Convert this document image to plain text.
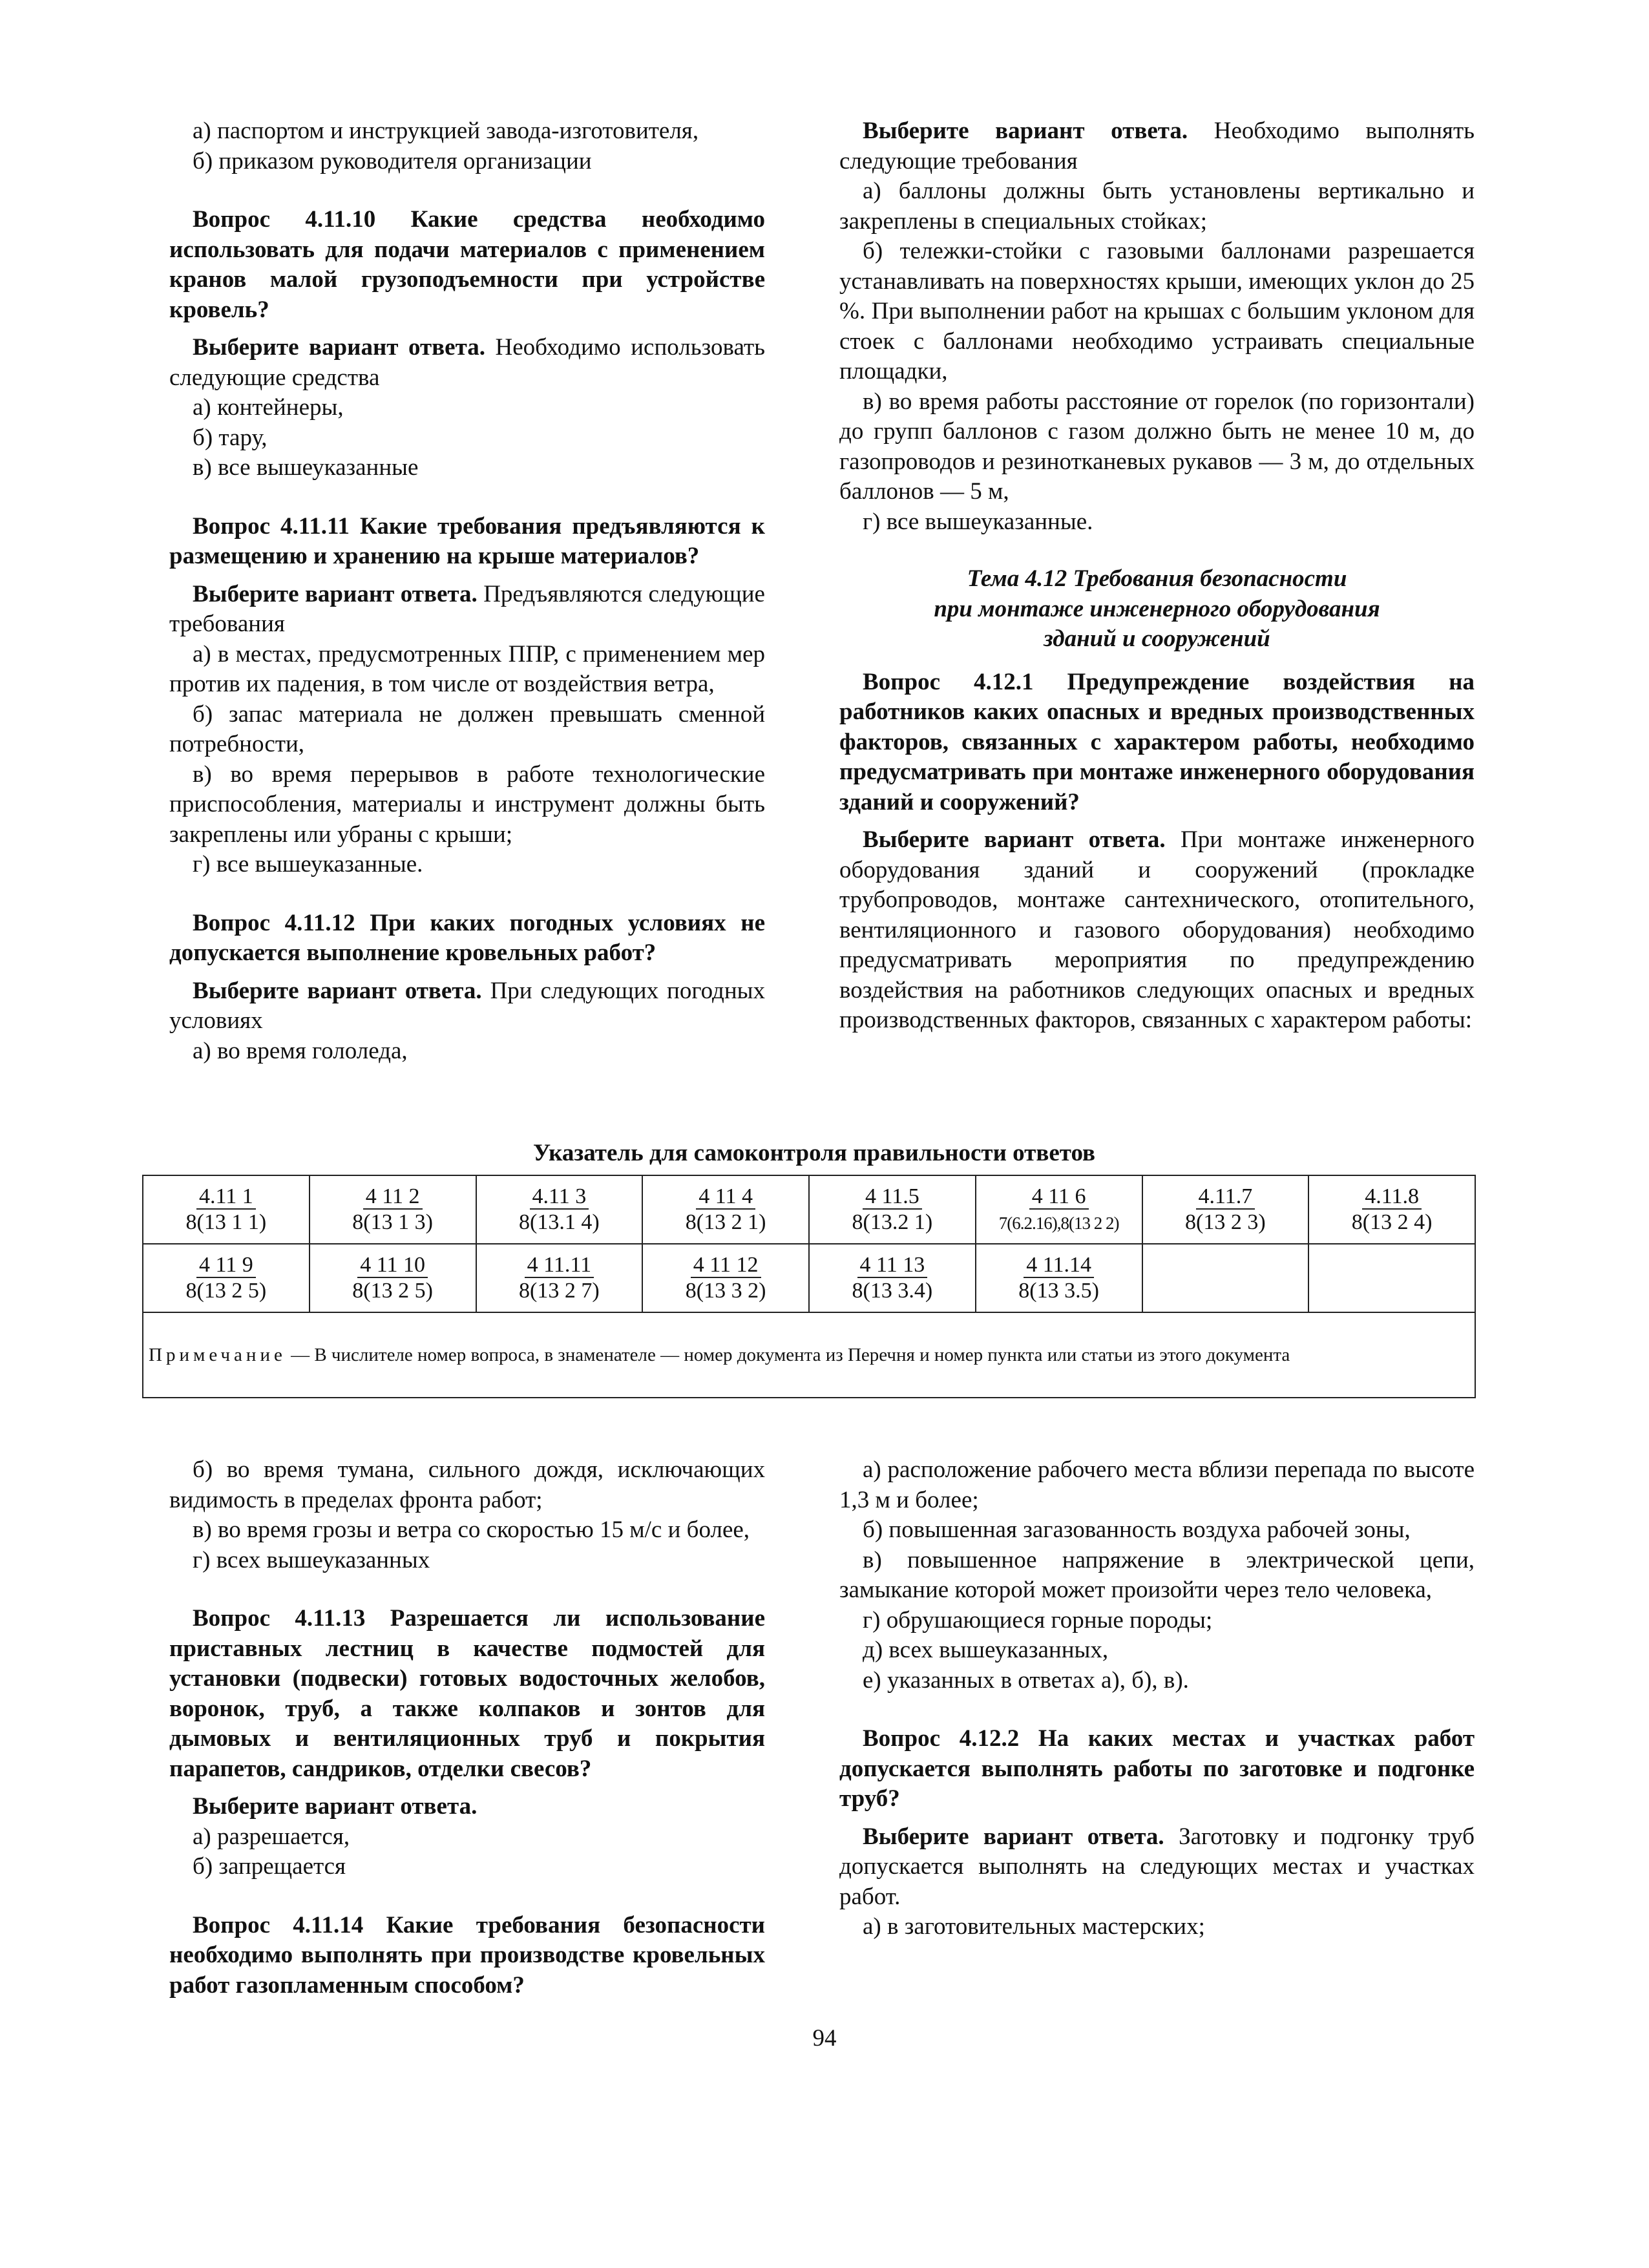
а) паспортом и инструкцией завода-изготовителя,

б) приказом руководителя организации

Вопрос 4.11.10 Какие средства необходимо использовать для подачи материалов с применением кранов малой грузоподъемности при устройстве кровель?

Выберите вариант ответа. Необходимо использовать следующие средства

а) контейнеры,

б) тару,

в) все вышеуказанные

Вопрос 4.11.11 Какие требования предъявляются к размещению и хранению на крыше материалов?

Выберите вариант ответа. Предъявляются следующие требования

а) в местах, предусмотренных ППР, с применением мер против их падения, в том числе от воздействия ветра,

б) запас материала не должен превышать сменной потребности,

в) во время перерывов в работе технологические приспособления, материалы и инструмент должны быть закреплены или убраны с крыши;

г) все вышеуказанные.

Вопрос 4.11.12 При каких погодных условиях не допускается выполнение кровельных работ?

Выберите вариант ответа. При следующих погодных условиях

а) во время гололеда,

Выберите вариант ответа. Необходимо выполнять следующие требования

а) баллоны должны быть установлены вертикально и закреплены в специальных стойках;

б) тележки-стойки с газовыми баллонами разрешается устанавливать на поверхностях крыши, имеющих уклон до 25 %. При выполнении работ на крышах с большим уклоном для стоек с баллонами необходимо устраивать специальные площадки,

в) во время работы расстояние от горелок (по горизонтали) до групп баллонов с газом должно быть не менее 10 м, до газопроводов и резинотканевых рукавов — 3 м, до отдельных баллонов — 5 м,

г) все вышеуказанные.

Тема 4.12 Требования безопасности
при монтаже инженерного оборудования
зданий и сооружений

Вопрос 4.12.1 Предупреждение воздействия на работников каких опасных и вредных производственных факторов, связанных с характером работы, необходимо предусматривать при монтаже инженерного оборудования зданий и сооружений?

Выберите вариант ответа. При монтаже инженерного оборудования зданий и сооружений (прокладке трубопроводов, монтаже сантехнического, отопительного, вентиляционного и газового оборудования) необходимо предусматривать мероприятия по предупреждению воздействия на работников следующих опасных и вредных производственных факторов, связанных с характером работы:

Указатель для самоконтроля правильности ответов
$\frac{4.11 1}{8(13 1 1)}$	$\frac{4 11 2}{8(13 1 3)}$	$\frac{4.11 3}{8(13.1 4)}$	$\frac{4 11 4}{8(13 2 1)}$	$\frac{4 11.5}{8(13.2 1)}$	$\frac{4 11 6}{7(6.2.16),8(13 2 2)}$	$\frac{4.11.7}{8(13 2 3)}$	$\frac{4.11.8}{8(13 2 4)}$
$\frac{4 11 9}{8(13 2 5)}$	$\frac{4 11 10}{8(13 2 5)}$	$\frac{4 11.11}{8(13 2 7)}$	$\frac{4 11 12}{8(13 3 2)}$	$\frac{4 11 13}{8(13 3.4)}$	$\frac{4 11.14}{8(13 3.5)}$		
Примечание — В числителе номер вопроса, в знаменателе — номер документа из Перечня и номер пункта или статьи из этого документа							

б) во время тумана, сильного дождя, исключающих видимость в пределах фронта работ;

в) во время грозы и ветра со скоростью 15 м/с и более,

г) всех вышеуказанных

Вопрос 4.11.13 Разрешается ли использование приставных лестниц в качестве подмостей для установки (подвески) готовых водосточных желобов, воронок, труб, а также колпаков и зонтов для дымовых и вентиляционных труб и покрытия парапетов, сандриков, отделки свесов?

Выберите вариант ответа.

а) разрешается,

б) запрещается

Вопрос 4.11.14 Какие требования безопасности необходимо выполнять при производстве кровельных работ газопламенным способом?

а) расположение рабочего места вблизи перепада по высоте 1,3 м и более;

б) повышенная загазованность воздуха рабочей зоны,

в) повышенное напряжение в электрической цепи, замыкание которой может произойти через тело человека,

г) обрушающиеся горные породы;

д) всех вышеуказанных,

е) указанных в ответах а), б), в).

Вопрос 4.12.2 На каких местах и участках работ допускается выполнять работы по заготовке и подгонке труб?

Выберите вариант ответа. Заготовку и подгонку труб допускается выполнять на следующих местах и участках работ.

а) в заготовительных мастерских;

94
